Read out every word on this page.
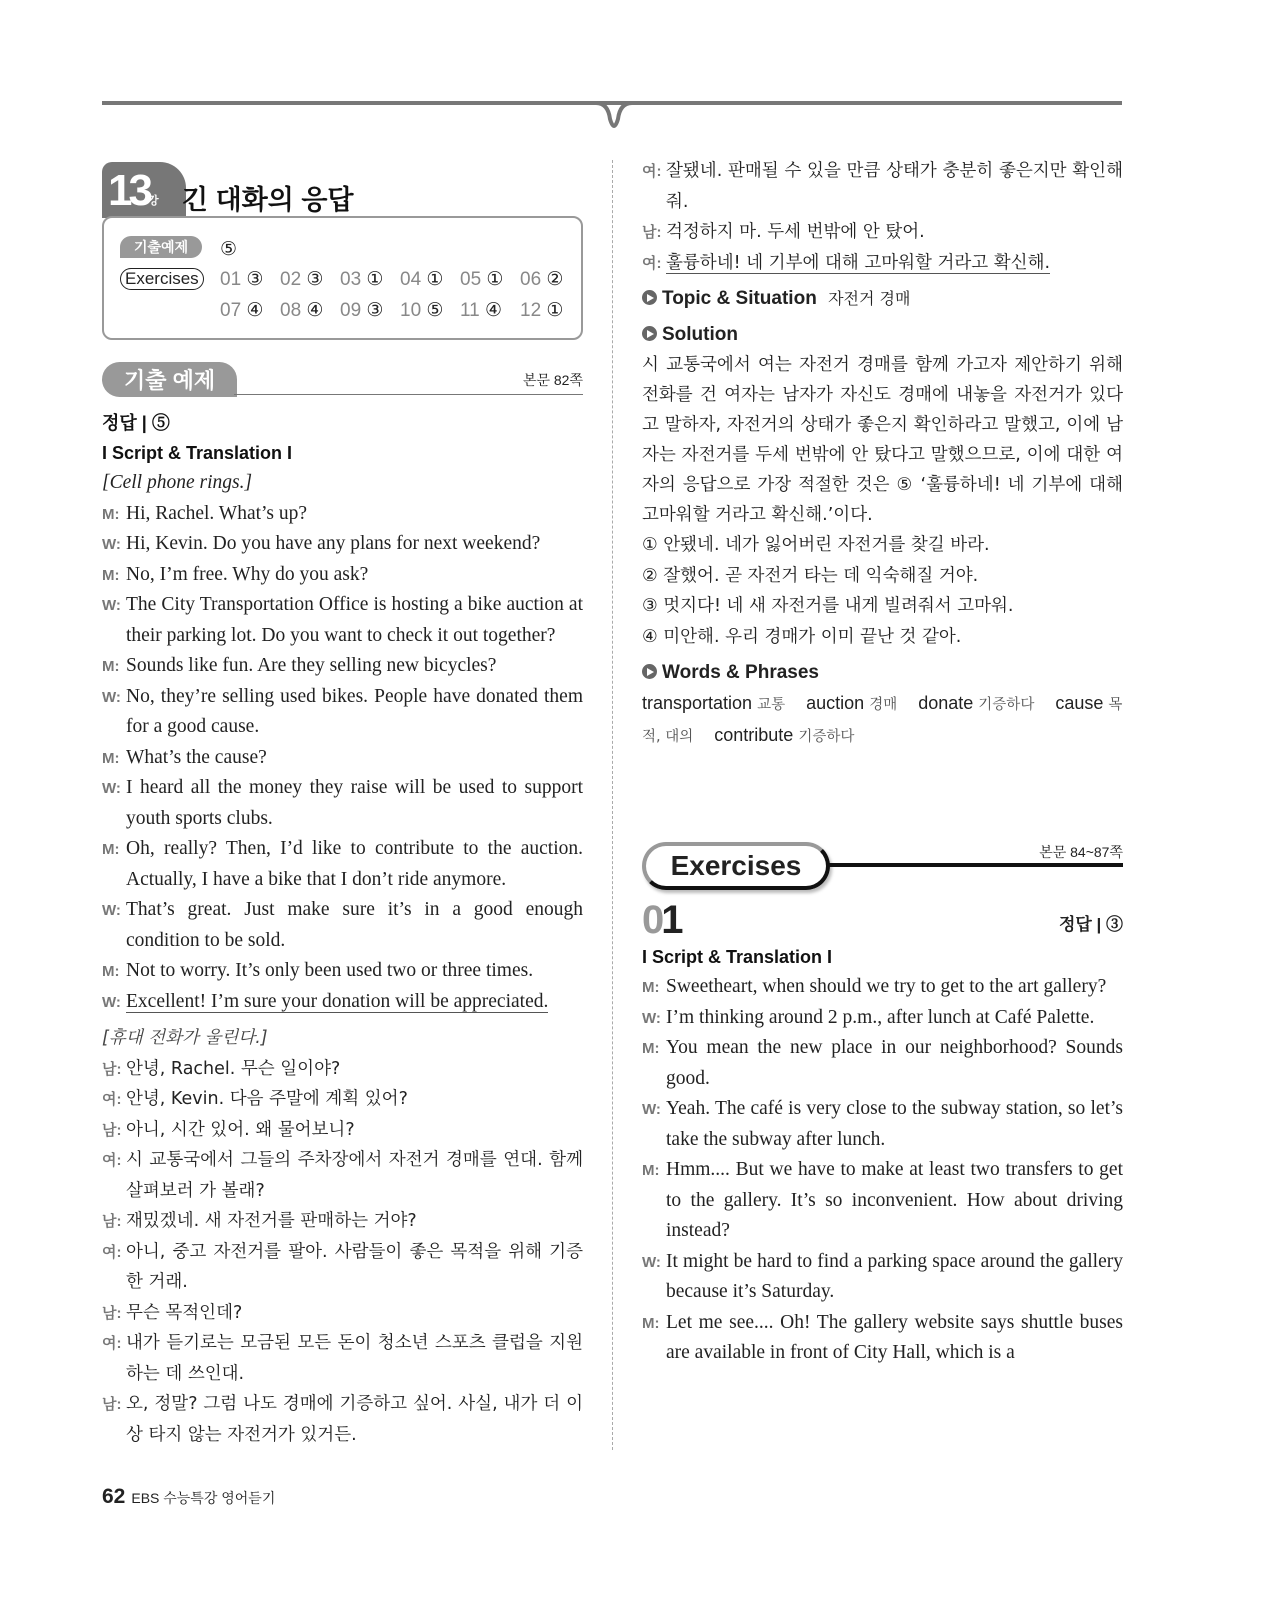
13 강 긴 대화의 응답
기출예제	⑤
Exercises 01 ③ 02 ③ 03 ① 04 ① 05 ① 06 ②
07 ④ 08 ④ 09 ③ 10 ⑤ 11 ④ 12 ①
기출 예제	본문 82쪽
정답 | ⑤
I Script & Translation I
[Cell phone rings.]
M: Hi, Rachel. What’s up?
W: Hi, Kevin. Do you have any plans for next weekend?
M: No, I’m free. Why do you ask?
W: The City Transportation Office is hosting a bike auction at their parking lot. Do you want to check it out together?
M: Sounds like fun. Are they selling new bicycles?
W: No, they’re selling used bikes. People have donated them for a good cause.
M: What’s the cause?
W: I heard all the money they raise will be used to support youth sports clubs.
M: Oh, really? Then, I’d like to contribute to the auction. Actually, I have a bike that I don’t ride anymore.
W: That’s great. Just make sure it’s in a good enough condition to be sold.
M: Not to worry. It’s only been used two or three times.
W: Excellent! I’m sure your donation will be appreciated.
[휴대 전화가 울린다.]
남: 안녕, Rachel. 무슨 일이야?
여: 안녕, Kevin. 다음 주말에 계획 있어?
남: 아니, 시간 있어. 왜 물어보니?
여: 시 교통국에서 그들의 주차장에서 자전거 경매를 연대. 함께 살펴보러 가 볼래?
남: 재밌겠네. 새 자전거를 판매하는 거야?
여: 아니, 중고 자전거를 팔아. 사람들이 좋은 목적을 위해 기증한 거래.
남: 무슨 목적인데?
여: 내가 듣기로는 모금된 모든 돈이 청소년 스포츠 클럽을 지원하는 데 쓰인대.
남: 오, 정말? 그럼 나도 경매에 기증하고 싶어. 사실, 내가 더 이상 타지 않는 자전거가 있거든.
여: 잘됐네. 판매될 수 있을 만큼 상태가 충분히 좋은지만 확인해 줘.
남: 걱정하지 마. 두세 번밖에 안 탔어.
여: 훌륭하네! 네 기부에 대해 고마워할 거라고 확신해.
Topic & Situation 자전거 경매
Solution
시 교통국에서 여는 자전거 경매를 함께 가고자 제안하기 위해 전화를 건 여자는 남자가 자신도 경매에 내놓을 자전거가 있다고 말하자, 자전거의 상태가 좋은지 확인하라고 말했고, 이에 남자는 자전거를 두세 번밖에 안 탔다고 말했으므로, 이에 대한 여자의 응답으로 가장 적절한 것은 ⑤ ‘훌륭하네! 네 기부에 대해 고마워할 거라고 확신해.’이다.
① 안됐네. 네가 잃어버린 자전거를 찾길 바라.
② 잘했어. 곧 자전거 타는 데 익숙해질 거야.
③ 멋지다! 네 새 자전거를 내게 빌려줘서 고마워.
④ 미안해. 우리 경매가 이미 끝난 것 같아.
Words & Phrases
transportation 교통 auction 경매 donate 기증하다 cause 목적, 대의 contribute 기증하다
Exercises	본문 84~87쪽
01	정답 | ③
I Script & Translation I
M: Sweetheart, when should we try to get to the art gallery?
W: I’m thinking around 2 p.m., after lunch at Café Palette.
M: You mean the new place in our neighborhood? Sounds good.
W: Yeah. The café is very close to the subway station, so let’s take the subway after lunch.
M: Hmm.... But we have to make at least two transfers to get to the gallery. It’s so inconvenient. How about driving instead?
W: It might be hard to find a parking space around the gallery because it’s Saturday.
M: Let me see.... Oh! The gallery website says shuttle buses are available in front of City Hall, which is a
62 EBS 수능특강 영어듣기
